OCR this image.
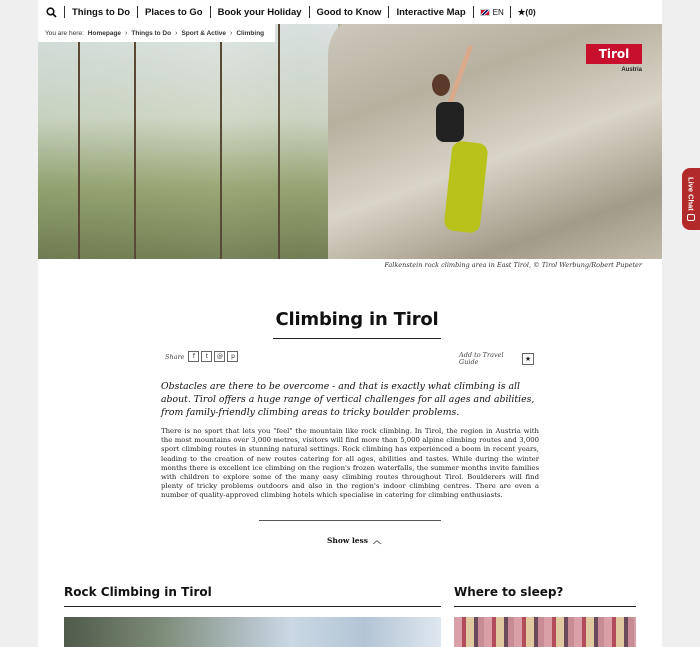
Things to Do	Places to Go	Book your Holiday	Good to Know	Interactive Map	EN	★(0)
Tirol
Austria
You are here: Homepage › Things to Do › Sport & Active › Climbing
Falkenstein rock climbing area in East Tirol, © Tirol Werbung/Robert Pupeter
Climbing in Tirol
Share	f	t	@	p	Add to Travel Guide	★

Obstacles are there to be overcome - and that is exactly what climbing is all about. Tirol offers a huge range of vertical challenges for all ages and abilities, from family-friendly climbing areas to tricky boulder problems.

There is no sport that lets you "feel" the mountain like rock climbing. In Tirol, the region in Austria with the most mountains over 3,000 metres, visitors will find more than 5,000 alpine climbing routes and 3,000 sport climbing routes in stunning natural settings. Rock climbing has experienced a boom in recent years, leading to the creation of new routes catering for all ages, abilities and tastes. While during the winter months there is excellent ice climbing on the region's frozen waterfalls, the summer months invite families with children to explore some of the many easy climbing routes throughout Tirol. Boulderers will find plenty of tricky problems outdoors and also in the region's indoor climbing centres. There are even a number of quality-approved climbing hotels which specialise in catering for climbing enthusiasts.

Show less ︿
Rock Climbing in Tirol	Where to sleep?
Live Chat
